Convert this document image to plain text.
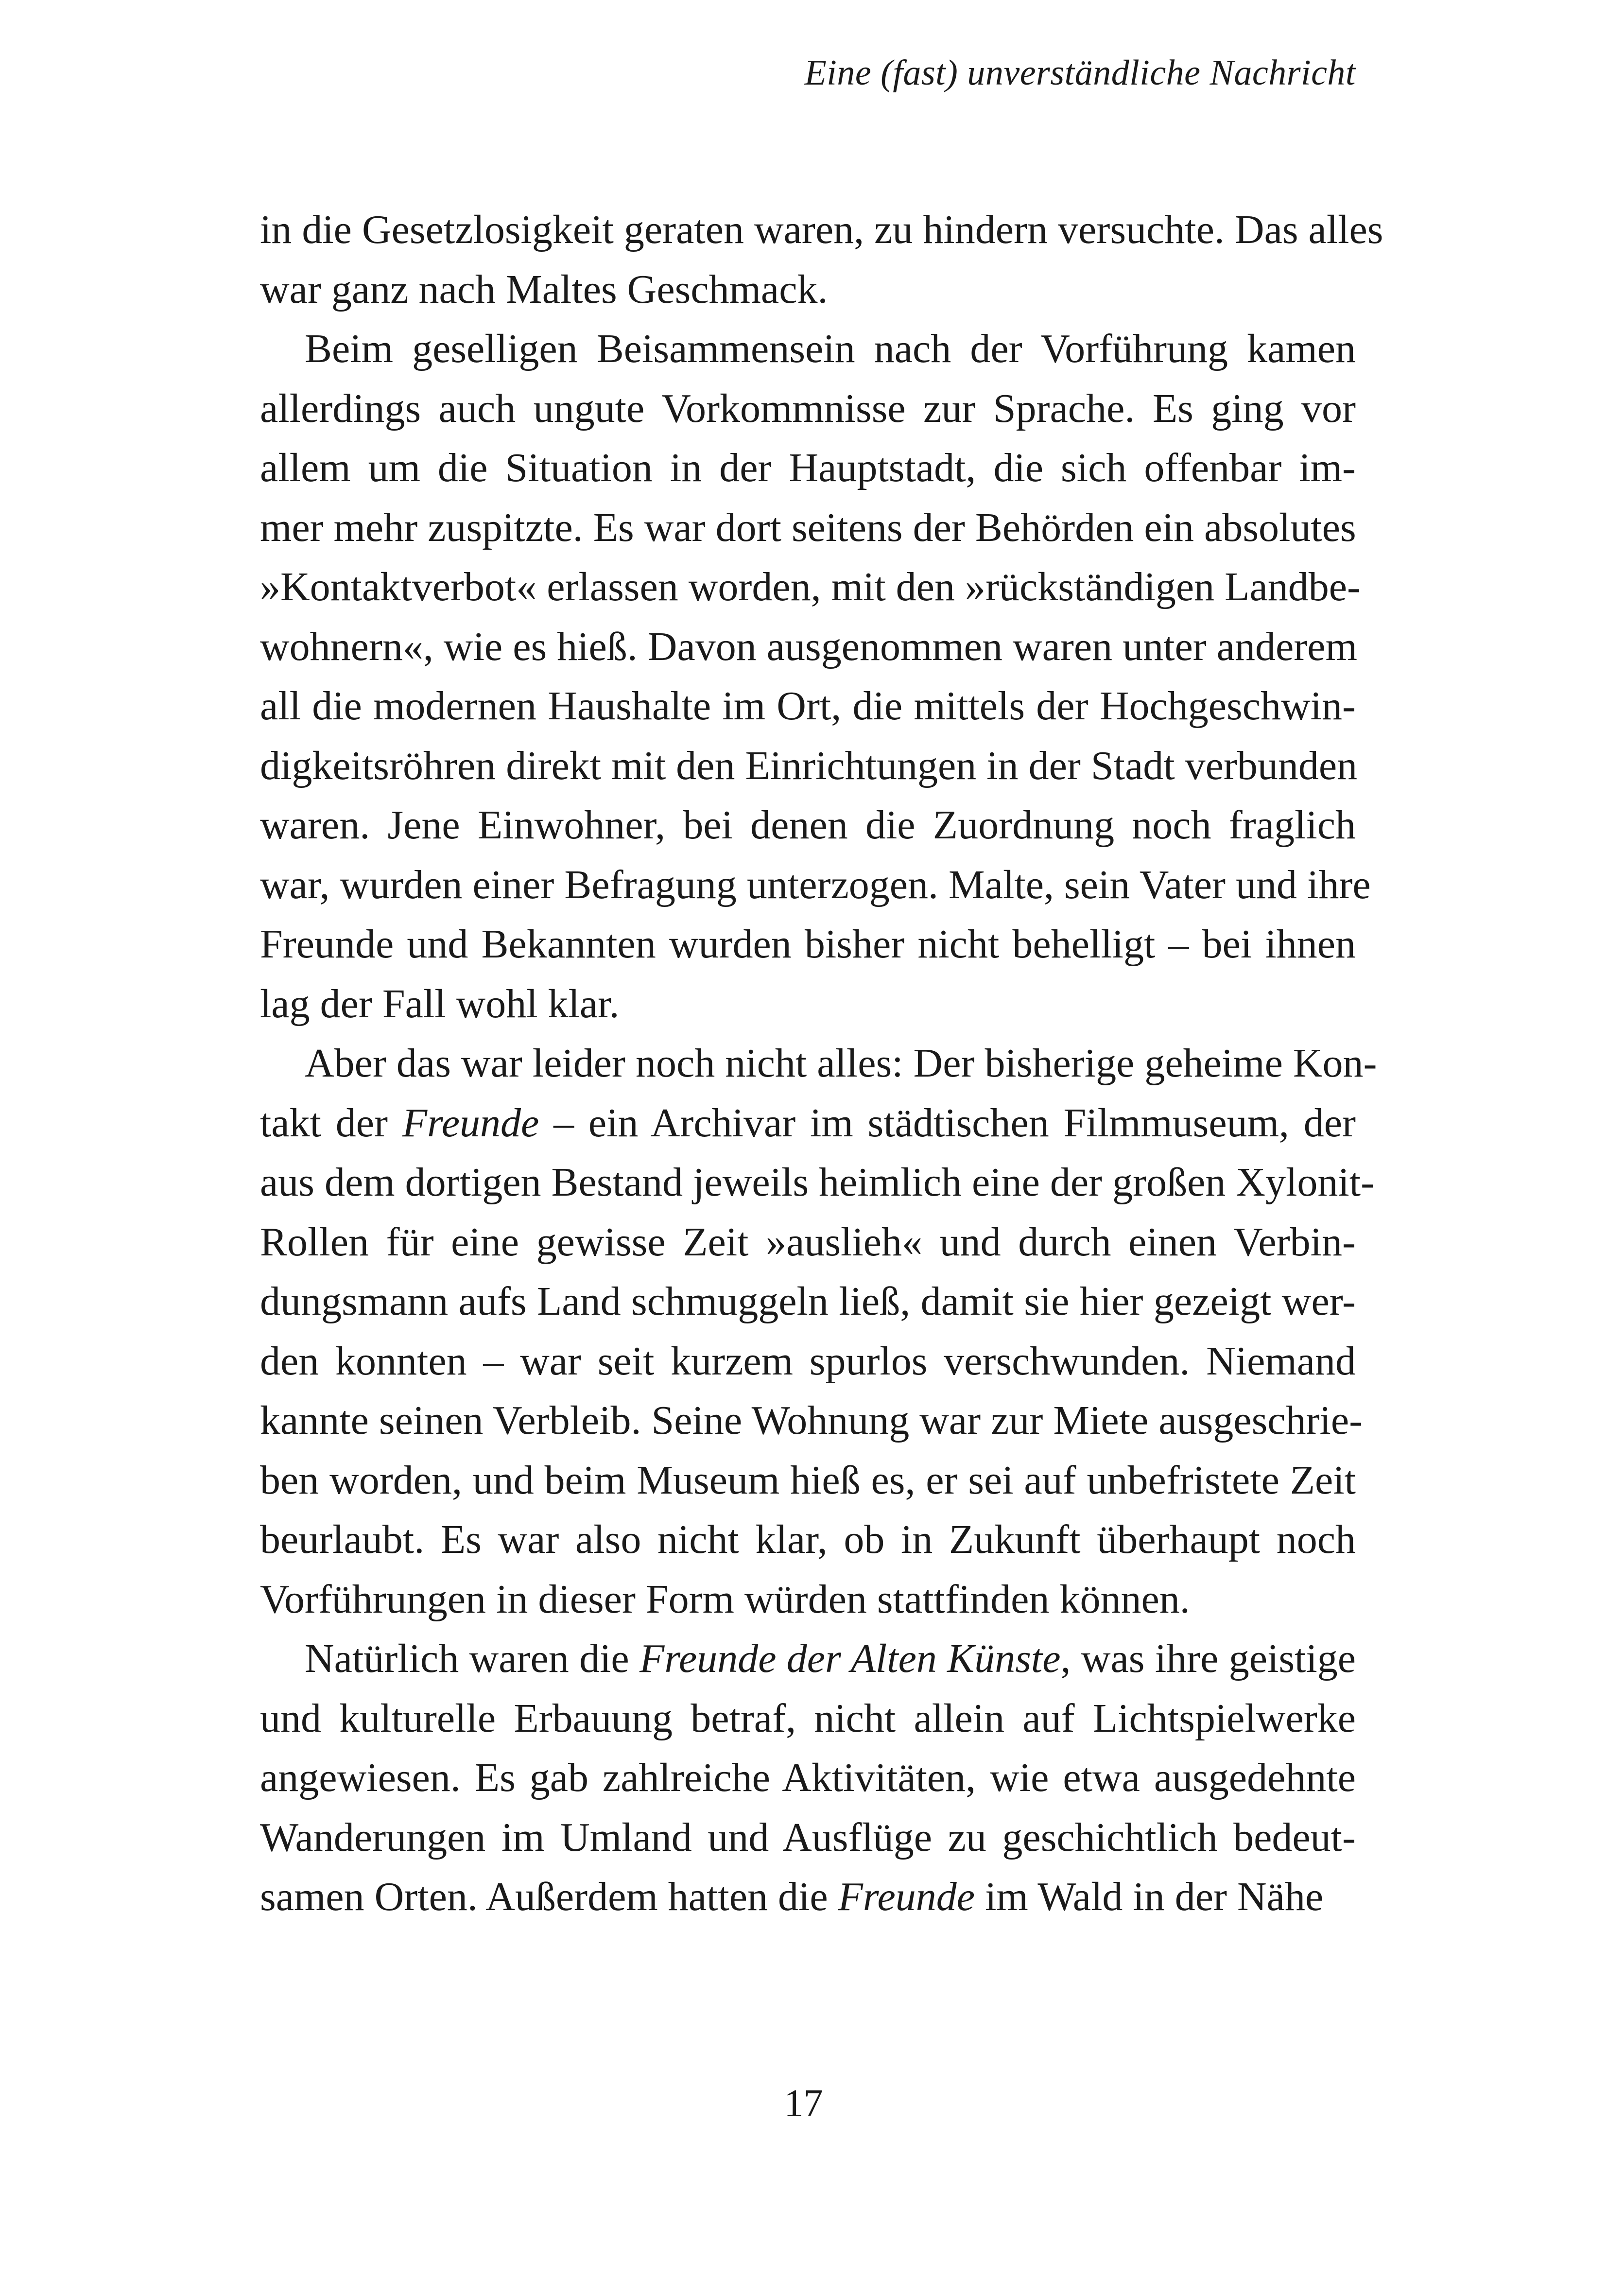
Eine (fast) unverständliche Nachricht
in die Gesetzlosigkeit geraten waren, zu hindern versuchte. Das alles
war ganz nach Maltes Geschmack.
Beim geselligen Beisammensein nach der Vorführung kamen
allerdings auch ungute Vorkommnisse zur Sprache. Es ging vor
allem um die Situation in der Hauptstadt, die sich offenbar im-
mer mehr zuspitzte. Es war dort seitens der Behörden ein absolutes
»Kontaktverbot« erlassen worden, mit den »rückständigen Landbe-
wohnern«, wie es hieß. Davon ausgenommen waren unter anderem
all die modernen Haushalte im Ort, die mittels der Hochgeschwin-
digkeitsröhren direkt mit den Einrichtungen in der Stadt verbunden
waren. Jene Einwohner, bei denen die Zuordnung noch fraglich
war, wurden einer Befragung unterzogen. Malte, sein Vater und ihre
Freunde und Bekannten wurden bisher nicht behelligt – bei ihnen
lag der Fall wohl klar.
Aber das war leider noch nicht alles: Der bisherige geheime Kon-
takt der Freunde – ein Archivar im städtischen Filmmuseum, der
aus dem dortigen Bestand jeweils heimlich eine der großen Xylonit-
Rollen für eine gewisse Zeit »auslieh« und durch einen Verbin-
dungsmann aufs Land schmuggeln ließ, damit sie hier gezeigt wer-
den konnten – war seit kurzem spurlos verschwunden. Niemand
kannte seinen Verbleib. Seine Wohnung war zur Miete ausgeschrie-
ben worden, und beim Museum hieß es, er sei auf unbefristete Zeit
beurlaubt. Es war also nicht klar, ob in Zukunft überhaupt noch
Vorführungen in dieser Form würden stattfinden können.
Natürlich waren die Freunde der Alten Künste, was ihre geistige
und kulturelle Erbauung betraf, nicht allein auf Lichtspielwerke
angewiesen. Es gab zahlreiche Aktivitäten, wie etwa ausgedehnte
Wanderungen im Umland und Ausflüge zu geschichtlich bedeut-
samen Orten. Außerdem hatten die Freunde im Wald in der Nähe
17
